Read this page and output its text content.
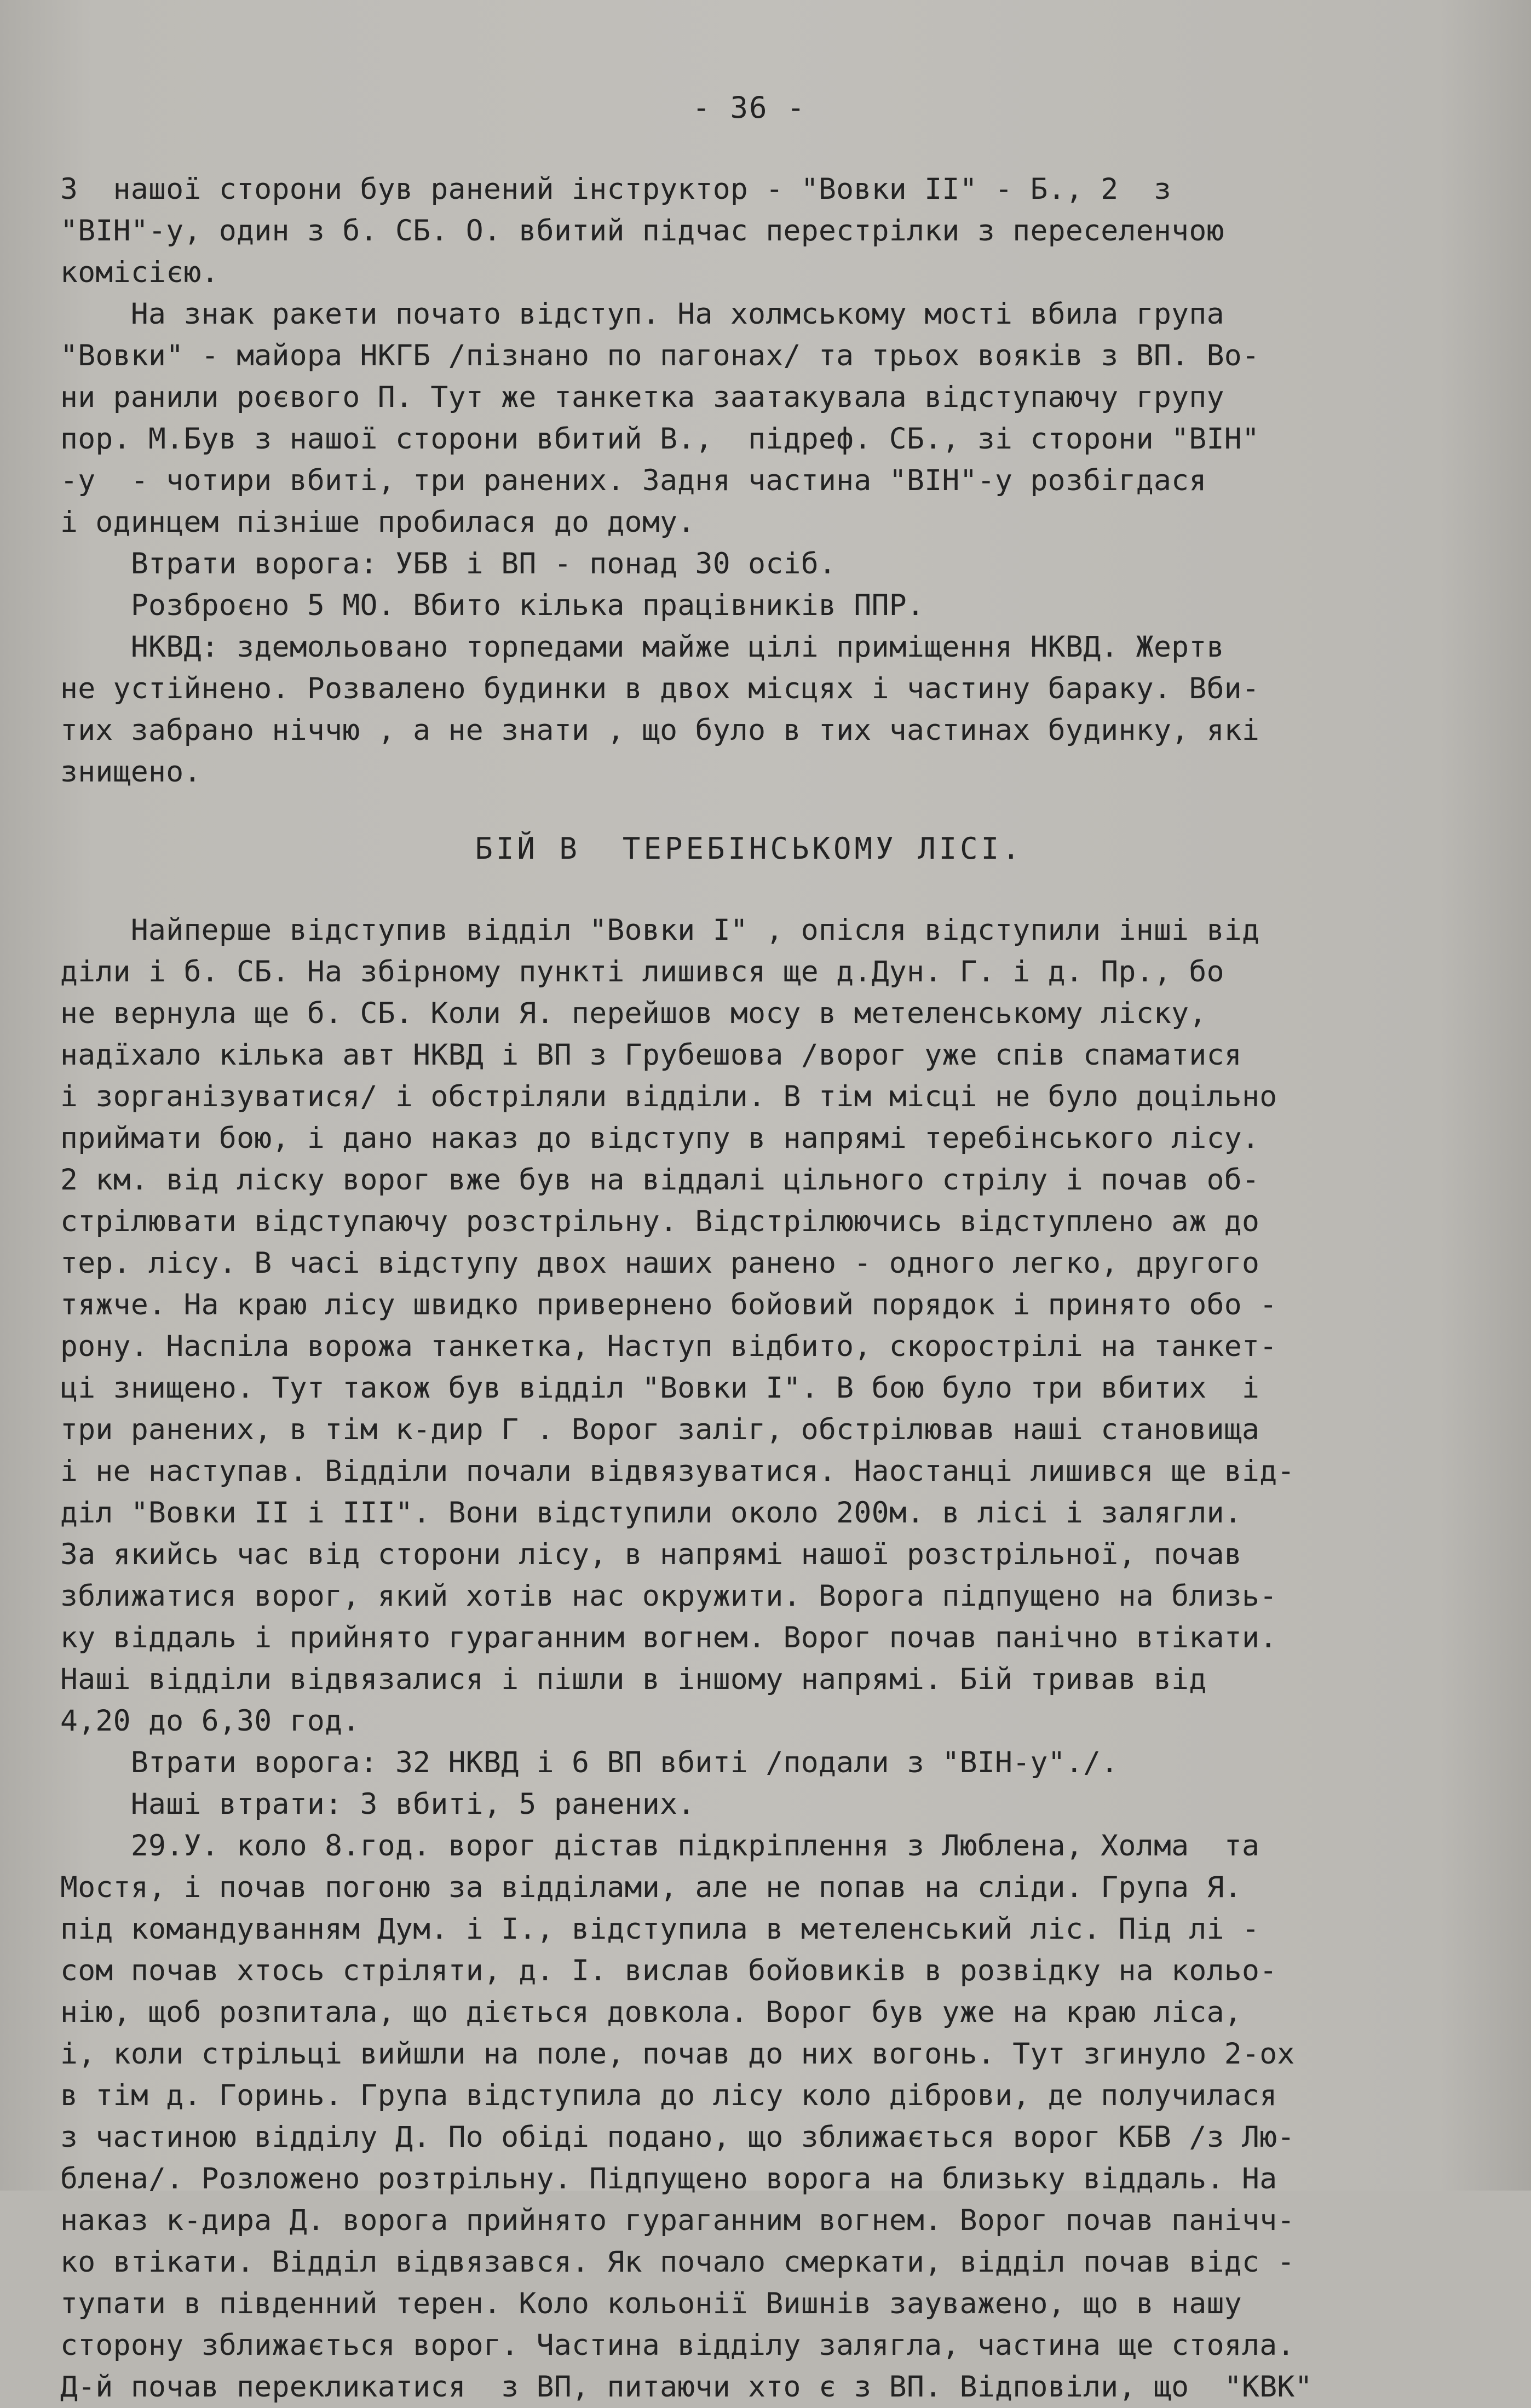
- 36 -

З  нашої сторони був ранений інструктор - "Вовки ІІ" - Б., 2  з

"ВІН"-у, один з б. СБ. О. вбитий підчас перестрілки з переселенчою

комісією.

На знак ракети почато відступ. На холмському мості вбила група

"Вовки" - майора НКГБ /пізнано по пагонах/ та трьох вояків з ВП. Во-

ни ранили роєвого П. Тут же танкетка заатакувала відступаючу групу

пор. М.Був з нашої сторони вбитий В.,  підреф. СБ., зі сторони "ВІН"

-у  - чотири вбиті, три ранених. Задня частина "ВІН"-у розбігдася

і одинцем пізніше пробилася до дому.

Втрати ворога: УБВ і ВП - понад 30 осіб.

Розброєно 5 МО. Вбито кілька працівників ППР.

НКВД: здемольовано торпедами майже цілі приміщення НКВД. Жертв

не устійнено. Розвалено будинки в двох місцях і частину бараку. Вби-

тих забрано ніччю , а не знати , що було в тих частинах будинку, які

знищено.

БІЙ В  ТЕРЕБІНСЬКОМУ ЛІСІ.

Найперше відступив відділ "Вовки І" , опісля відступили інші від

діли і б. СБ. На збірному пункті лишився ще д.Дун. Г. і д. Пр., бо

не вернула ще б. СБ. Коли Я. перейшов мосу в метеленському ліску,

надїхало кілька авт НКВД і ВП з Грубешова /ворог уже спів спаматися

і зорганізуватися/ і обстріляли відділи. В тім місці не було доцільно

приймати бою, і дано наказ до відступу в напрямі теребінського лісу.

2 км. від ліску ворог вже був на віддалі цільного стрілу і почав об-

стрілювати відступаючу розстрільну. Відстрілюючись відступлено аж до

тер. лісу. В часі відступу двох наших ранено - одного легко, другого

тяжче. На краю лісу швидко привернено бойовий порядок і принято обо -

рону. Наспіла ворожа танкетка, Наступ відбито, скорострілі на танкет-

ці знищено. Тут також був відділ "Вовки І". В бою було три вбитих  і

три ранених, в тім к-дир Г . Ворог заліг, обстрілював наші становища

і не наступав. Відділи почали відвязуватися. Наостанці лишився ще від-

діл "Вовки ІІ і ІІІ". Вони відступили около 200м. в лісі і залягли.

За якийсь час від сторони лісу, в напрямі нашої розстрільної, почав

зближатися ворог, який хотів нас окружити. Ворога підпущено на близь-

ку віддаль і прийнято гураганним вогнем. Ворог почав панічно втікати.

Наші відділи відвязалися і пішли в іншому напрямі. Бій тривав від

4,20 до 6,30 год.

Втрати ворога: 32 НКВД і 6 ВП вбиті /подали з "ВІН-у"./.

Наші втрати: 3 вбиті, 5 ранених.

29.У. коло 8.год. ворог дістав підкріплення з Люблена, Холма  та

Мостя, і почав погоню за відділами, але не попав на сліди. Група Я.

під командуванням Дум. і І., відступила в метеленський ліс. Під лі -

сом почав хтось стріляти, д. І. вислав бойовиків в розвідку на кольо-

нію, щоб розпитала, що діється довкола. Ворог був уже на краю ліса,

і, коли стрільці вийшли на поле, почав до них вогонь. Тут згинуло 2-ох

в тім д. Горинь. Група відступила до лісу коло діброви, де получилася

з частиною відділу Д. По обіді подано, що зближається ворог КБВ /з Лю-

блена/. Розложено розтрільну. Підпущено ворога на близьку віддаль. На

наказ к-дира Д. ворога прийнято гураганним вогнем. Ворог почав панічч-

ко втікати. Відділ відвязався. Як почало смеркати, відділ почав відс -

тупати в південний терен. Коло кольонії Вишнів зауважено, що в нашу

сторону зближається ворог. Частина відділу залягла, частина ще стояла.

Д-й почав перекликатися  з ВП, питаючи хто є з ВП. Відповіли, що  "КВК"
